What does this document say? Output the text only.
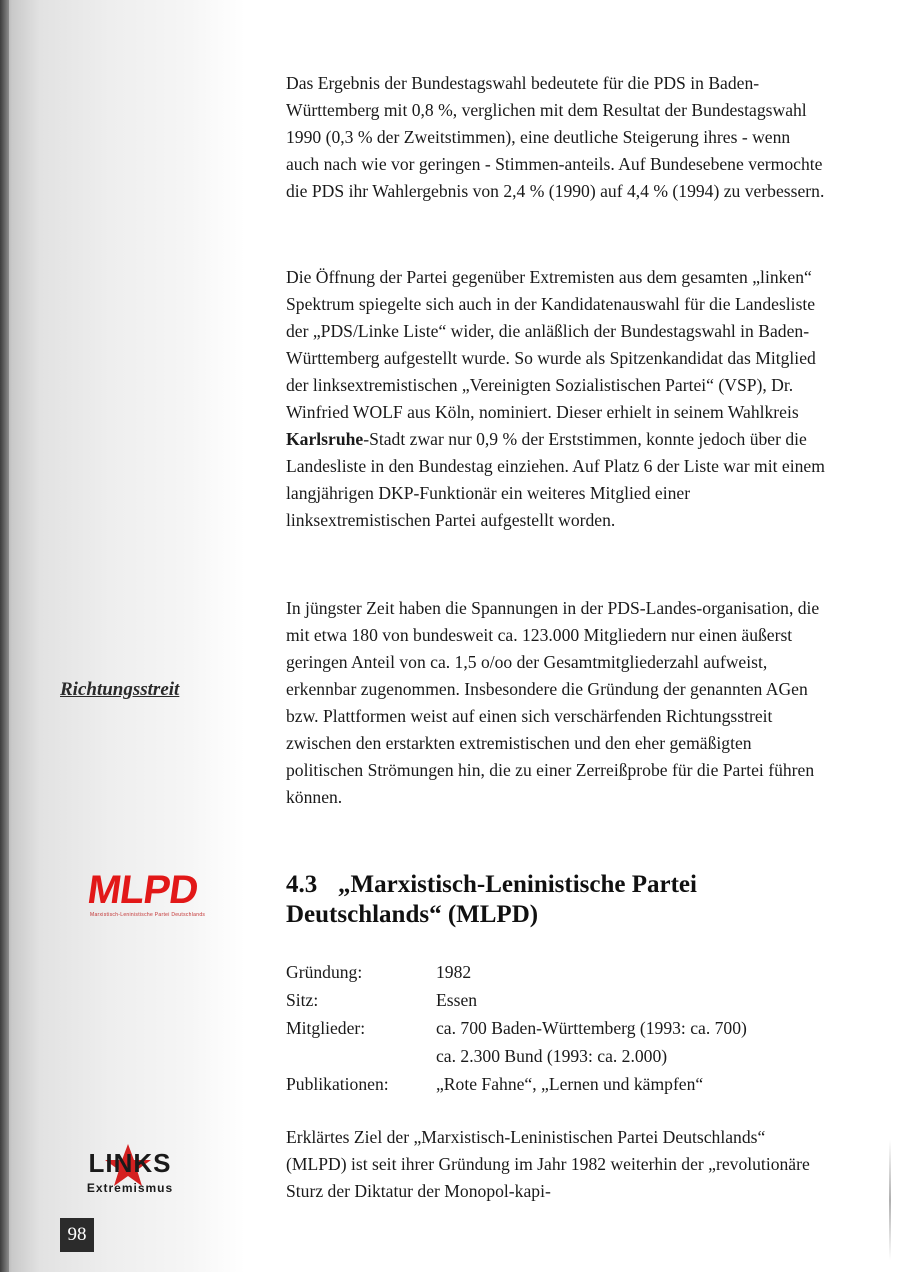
Das Ergebnis der Bundestagswahl bedeutete für die PDS in Baden-Württemberg mit 0,8 %, verglichen mit dem Resultat der Bundestagswahl 1990 (0,3 % der Zweitstimmen), eine deutliche Steigerung ihres - wenn auch nach wie vor geringen - Stimmen-anteils. Auf Bundesebene vermochte die PDS ihr Wahlergebnis von 2,4 % (1990) auf 4,4 % (1994) zu verbessern.

Die Öffnung der Partei gegenüber Extremisten aus dem gesamten „linken“ Spektrum spiegelte sich auch in der Kandidatenauswahl für die Landesliste der „PDS/Linke Liste“ wider, die anläßlich der Bundestagswahl in Baden-Württemberg aufgestellt wurde. So wurde als Spitzenkandidat das Mitglied der linksextremistischen „Vereinigten Sozialistischen Partei“ (VSP), Dr. Winfried WOLF aus Köln, nominiert. Dieser erhielt in seinem Wahlkreis Karlsruhe-Stadt zwar nur 0,9 % der Erststimmen, konnte jedoch über die Landesliste in den Bundestag einziehen. Auf Platz 6 der Liste war mit einem langjährigen DKP-Funktionär ein weiteres Mitglied einer linksextremistischen Partei aufgestellt worden.

Richtungsstreit

In jüngster Zeit haben die Spannungen in der PDS-Landes-organisation, die mit etwa 180 von bundesweit ca. 123.000 Mitgliedern nur einen äußerst geringen Anteil von ca. 1,5 o/oo der Gesamtmitgliederzahl aufweist, erkennbar zugenommen. Insbesondere die Gründung der genannten AGen bzw. Plattformen weist auf einen sich verschärfenden Richtungsstreit zwischen den erstarkten extremistischen und den eher gemäßigten politischen Strömungen hin, die zu einer Zerreißprobe für die Partei führen können.

MLPD
Marxistisch-Leninistische Partei Deutschlands
4.3 „Marxistisch-Leninistische Partei Deutschlands“ (MLPD)
Gründung:	1982
Sitz:	Essen
Mitglieder:	ca. 700 Baden-Württemberg (1993: ca. 700)
ca. 2.300 Bund (1993: ca. 2.000)
Publikationen:	„Rote Fahne“, „Lernen und kämpfen“

Erklärtes Ziel der „Marxistisch-Leninistischen Partei Deutschlands“ (MLPD) ist seit ihrer Gründung im Jahr 1982 weiterhin der „revolutionäre Sturz der Diktatur der Monopol-kapi-

LINKS
Extremismus
98
